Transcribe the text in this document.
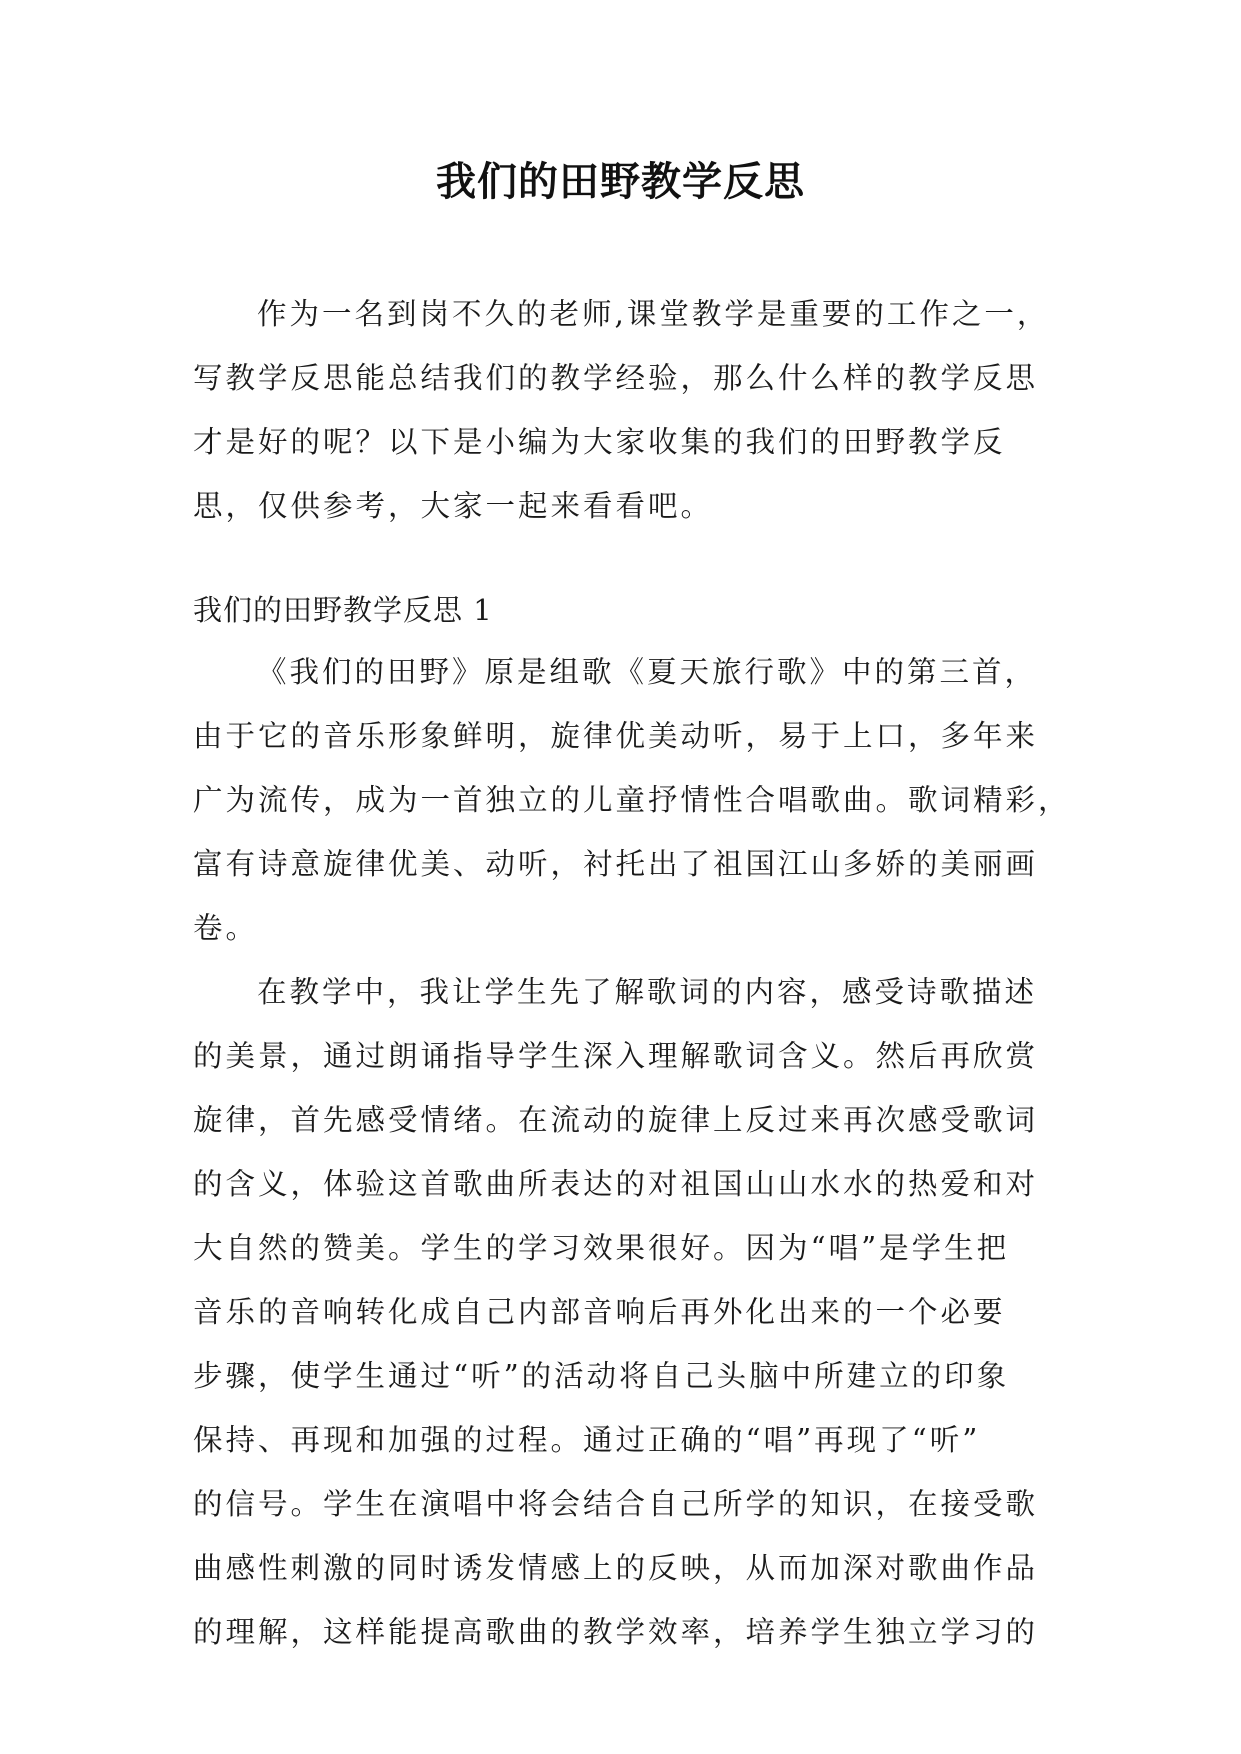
我们的田野教学反思
作为一名到岗不久的老师,课堂教学是重要的工作之一，
写教学反思能总结我们的教学经验，那么什么样的教学反思
才是好的呢？以下是小编为大家收集的我们的田野教学反
思，仅供参考，大家一起来看看吧。
我们的田野教学反思 1
《我们的田野》原是组歌《夏天旅行歌》中的第三首，
由于它的音乐形象鲜明，旋律优美动听，易于上口，多年来
广为流传，成为一首独立的儿童抒情性合唱歌曲。歌词精彩，
富有诗意旋律优美、动听，衬托出了祖国江山多娇的美丽画
卷。
在教学中，我让学生先了解歌词的内容，感受诗歌描述
的美景，通过朗诵指导学生深入理解歌词含义。然后再欣赏
旋律，首先感受情绪。在流动的旋律上反过来再次感受歌词
的含义，体验这首歌曲所表达的对祖国山山水水的热爱和对
大自然的赞美。学生的学习效果很好。因为“唱”是学生把
音乐的音响转化成自己内部音响后再外化出来的一个必要
步骤，使学生通过“听”的活动将自己头脑中所建立的印象
保持、再现和加强的过程。通过正确的“唱”再现了“听”
的信号。学生在演唱中将会结合自己所学的知识，在接受歌
曲感性刺激的同时诱发情感上的反映，从而加深对歌曲作品
的理解，这样能提高歌曲的教学效率，培养学生独立学习的
